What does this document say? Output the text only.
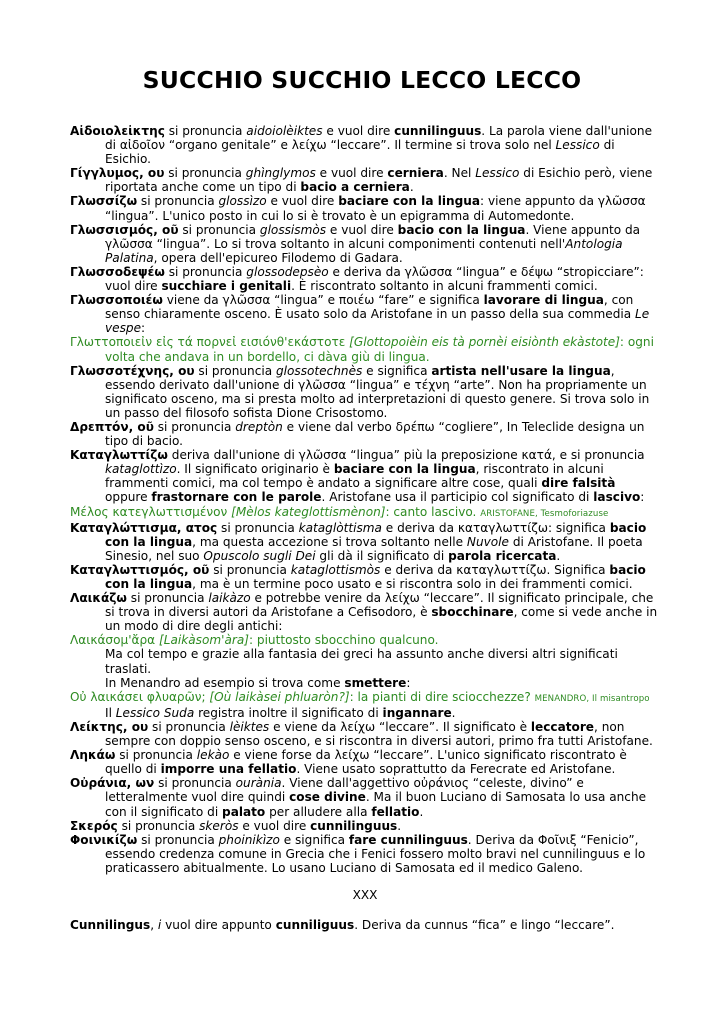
SUCCHIO SUCCHIO LECCO LECCO

Αἰδοιολεἰκτης si pronuncia aidoiolèiktes e vuol dire cunnilinguus. La parola viene dall'unione di αἰδοῖον “organo genitale” e λείχω “leccare”. Il termine si trova solo nel Lessico di Esichio.

Γίγγλυμος, ου si pronuncia ghìnglymos e vuol dire cerniera. Nel Lessico di Esichio però, viene riportata anche come un tipo di bacio a cerniera.

Γλωσσίζω si pronuncia glossìzo e vuol dire baciare con la lingua: viene appunto da γλῶσσα “lingua”. L'unico posto in cui lo si è trovato è un epigramma di Automedonte.

Γλωσσισμός, οῦ si pronuncia glossismòs e vuol dire bacio con la lingua. Viene appunto da γλῶσσα “lingua”. Lo si trova soltanto in alcuni componimenti contenuti nell'Antologia Palatina, opera dell'epicureo Filodemo di Gadara.

Γλωσσοδεψέω si pronuncia glossodepsèo e deriva da γλῶσσα “lingua” e δέψω “stropicciare”: vuol dire succhiare i genitali. È riscontrato soltanto in alcuni frammenti comici.

Γλωσσοποιέω viene da γλῶσσα “lingua” e ποιέω “fare” e significa lavorare di lingua, con senso chiaramente osceno. È usato solo da Aristofane in un passo della sua commedia Le vespe:

Γλωττοποιεἰν εἰς τά πορνεἰ εισιόνθ'εκάστοτε [Glottopoièin eis tà pornèi eisiònth ekàstote]: ogni volta che andava in un bordello, ci dàva giù di lingua.

Γλωσσοτέχνης, ου si pronuncia glossotechnès e significa artista nell'usare la lingua, essendo derivato dall'unione di γλῶσσα “lingua” e τέχνη “arte”. Non ha propriamente un significato osceno, ma si presta molto ad interpretazioni di questo genere. Si trova solo in un passo del filosofo sofista Dione Crisostomo.

Δρεπτόν, οῦ si pronuncia dreptòn e viene dal verbo δρέπω “cogliere”, In Teleclide designa un tipo di bacio.

Καταγλωττίζω deriva dall'unione di γλῶσσα “lingua” più la preposizione κατά, e si pronuncia kataglottìzo. Il significato originario è baciare con la lingua, riscontrato in alcuni frammenti comici, ma col tempo è andato a significare altre cose, quali dire falsità oppure frastornare con le parole. Aristofane usa il participio col significato di lascivo:

Μέλος κατεγλωττισμένον [Mèlos kateglottismènon]: canto lascivo. ARISTOFANE, Tesmoforiazuse

Καταγλώττισμα, ατος si pronuncia kataglòttisma e deriva da καταγλωττίζω: significa bacio con la lingua, ma questa accezione si trova soltanto nelle Nuvole di Aristofane. Il poeta Sinesio, nel suo Opuscolo sugli Dei gli dà il significato di parola ricercata.

Καταγλωττισμός, οῦ si pronuncia kataglottismòs e deriva da καταγλωττίζω. Significa bacio con la lingua, ma è un termine poco usato e si riscontra solo in dei frammenti comici.

Λαικάζω si pronuncia laikàzo e potrebbe venire da λείχω “leccare”. Il significato principale, che si trova in diversi autori da Aristofane a Cefisodoro, è sbocchinare, come si vede anche in un modo di dire degli antichi:

Λαικάσομ'ἄρα [Laikàsom'àra]: piuttosto sbocchino qualcuno.

Ma col tempo e grazie alla fantasia dei greci ha assunto anche diversi altri significati traslati.

In Menandro ad esempio si trova come smettere:

Οὐ λαικάσει φλυαρῶν; [Où laikàsei phluaròn?]: la pianti di dire sciocchezze? MENANDRO, Il misantropo

Il Lessico Suda registra inoltre il significato di ingannare.

Λείκτης, ου si pronuncia lèiktes e viene da λείχω “leccare”. Il significato è leccatore, non sempre con doppio senso osceno, e si riscontra in diversi autori, primo fra tutti Aristofane.

Ληκάω si pronuncia lekào e viene forse da λείχω “leccare”. L'unico significato riscontrato è quello di imporre una fellatio. Viene usato soprattutto da Ferecrate ed Aristofane.

Οὐράνια, ων si pronuncia ourània. Viene dall'aggettivo οὐράνιος “celeste, divino” e letteralmente vuol dire quindi cose divine. Ma il buon Luciano di Samosata lo usa anche con il significato di palato per alludere alla fellatio.

Σκερός si pronuncia skeròs e vuol dire cunnilinguus.

Φοινικίζω si pronuncia phoinikìzo e significa fare cunnilinguus. Deriva da Φοῖνιξ “Fenicio”, essendo credenza comune in Grecia che i Fenici fossero molto bravi nel cunnilinguus e lo praticassero abitualmente. Lo usano Luciano di Samosata ed il medico Galeno.

XXX

Cunnilingus, i vuol dire appunto cunniliguus. Deriva da cunnus “fica” e lingo “leccare”.
